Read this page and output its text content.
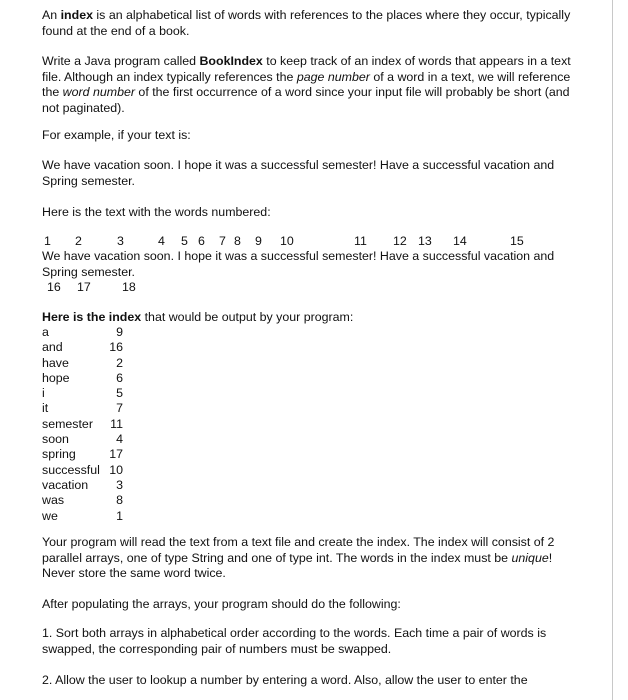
An index is an alphabetical list of words with references to the places where they occur, typically found at the end of a book.

Write a Java program called BookIndex to keep track of an index of words that appears in a text file. Although an index typically references the page number of a word in a text, we will reference the word number of the first occurrence of a word since your input file will probably be short (and not paginated).

For example, if your text is:

We have vacation soon. I hope it was a successful semester! Have a successful vacation and Spring semester.

Here is the text with the words numbered:

1 2	3	4 5 6 7 8 9 10	11 12 13 14	15

We have vacation soon. I hope it was a successful semester! Have a successful vacation and Spring semester.

16 17	18

Here is the index that would be output by your program:

a	9
and	16
have	2
hope	6
i	5
it	7
semester	11
soon	4
spring	17
successful 10
vacation	3
was	8
we	1

Your program will read the text from a text file and create the index. The index will consist of 2 parallel arrays, one of type String and one of type int. The words in the index must be unique! Never store the same word twice.

After populating the arrays, your program should do the following:

1. Sort both arrays in alphabetical order according to the words. Each time a pair of words is swapped, the corresponding pair of numbers must be swapped.

2. Allow the user to lookup a number by entering a word. Also, allow the user to enter the
